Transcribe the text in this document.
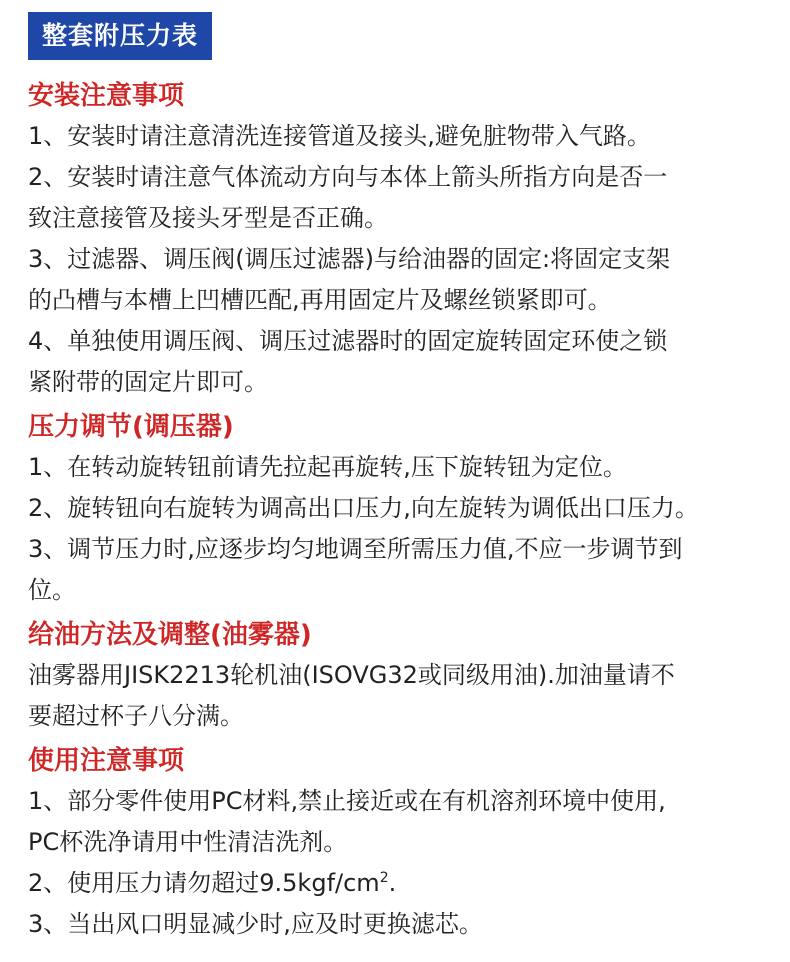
整套附压力表

安装注意事项

1、安装时请注意清洗连接管道及接头,避免脏物带入气路。

2、安装时请注意气体流动方向与本体上箭头所指方向是否一

致注意接管及接头牙型是否正确。

3、过滤器、调压阀(调压过滤器)与给油器的固定:将固定支架

的凸槽与本槽上凹槽匹配,再用固定片及螺丝锁紧即可。

4、单独使用调压阀、调压过滤器时的固定旋转固定环使之锁

紧附带的固定片即可。

压力调节(调压器)

1、在转动旋转钮前请先拉起再旋转,压下旋转钮为定位。

2、旋转钮向右旋转为调高出口压力,向左旋转为调低出口压力。

3、调节压力时,应逐步均匀地调至所需压力值,不应一步调节到

位。

给油方法及调整(油雾器)

油雾器用JISK2213轮机油(ISOVG32或同级用油).加油量请不

要超过杯子八分满。

使用注意事项

1、部分零件使用PC材料,禁止接近或在有机溶剂环境中使用,

PC杯洗净请用中性清洁洗剂。

2、使用压力请勿超过$9.5kgf/cm^2$.

3、当出风口明显减少时,应及时更换滤芯。
